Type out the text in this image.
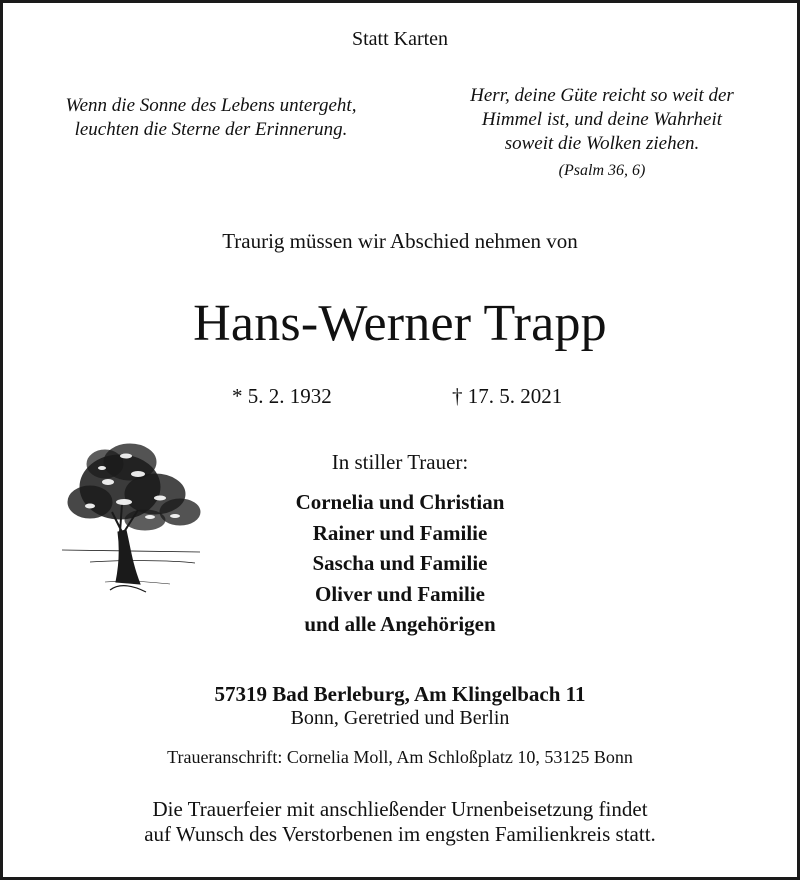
Statt Karten
Wenn die Sonne des Lebens untergeht,
leuchten die Sterne der Erinnerung.
Herr, deine Güte reicht so weit der
Himmel ist, und deine Wahrheit
soweit die Wolken ziehen.
(Psalm 36, 6)
Traurig müssen wir Abschied nehmen von
Hans-Werner Trapp
* 5. 2. 1932	† 17. 5. 2021
In stiller Trauer:
Cornelia und Christian
Rainer und Familie
Sascha und Familie
Oliver und Familie
und alle Angehörigen
57319 Bad Berleburg, Am Klingelbach 11
Bonn, Geretried und Berlin
Traueranschrift: Cornelia Moll, Am Schloßplatz 10, 53125 Bonn
Die Trauerfeier mit anschließender Urnenbeisetzung findet
auf Wunsch des Verstorbenen im engsten Familienkreis statt.
